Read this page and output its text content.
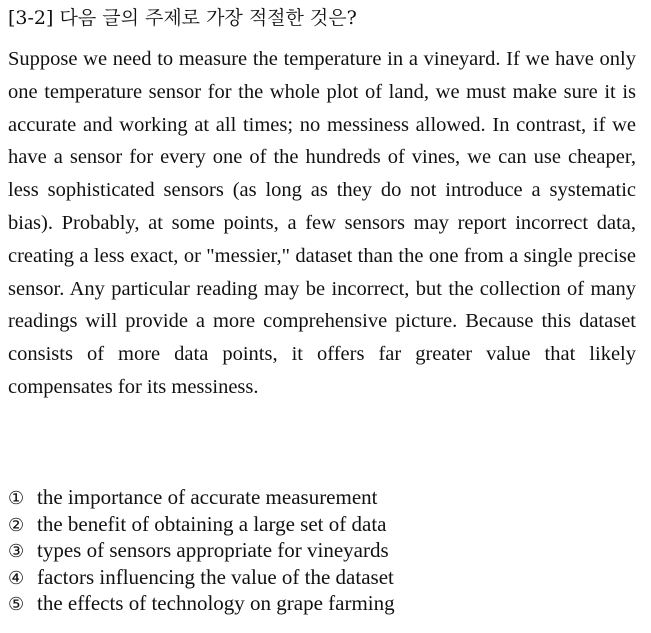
[3-2] 다음 글의 주제로 가장 적절한 것은?

Suppose we need to measure the temperature in a vineyard. If we have only one temperature sensor for the whole plot of land, we must make sure it is accurate and working at all times; no messiness allowed. In contrast, if we have a sensor for every one of the hundreds of vines, we can use cheaper, less sophisticated sensors (as long as they do not introduce a systematic bias). Probably, at some points, a few sensors may report incorrect data, creating a less exact, or "messier," dataset than the one from a single precise sensor. Any particular reading may be incorrect, but the collection of many readings will provide a more comprehensive picture. Because this dataset consists of more data points, it offers far greater value that likely compensates for its messiness.

① the importance of accurate measurement
② the benefit of obtaining a large set of data
③ types of sensors appropriate for vineyards
④ factors influencing the value of the dataset
⑤ the effects of technology on grape farming
